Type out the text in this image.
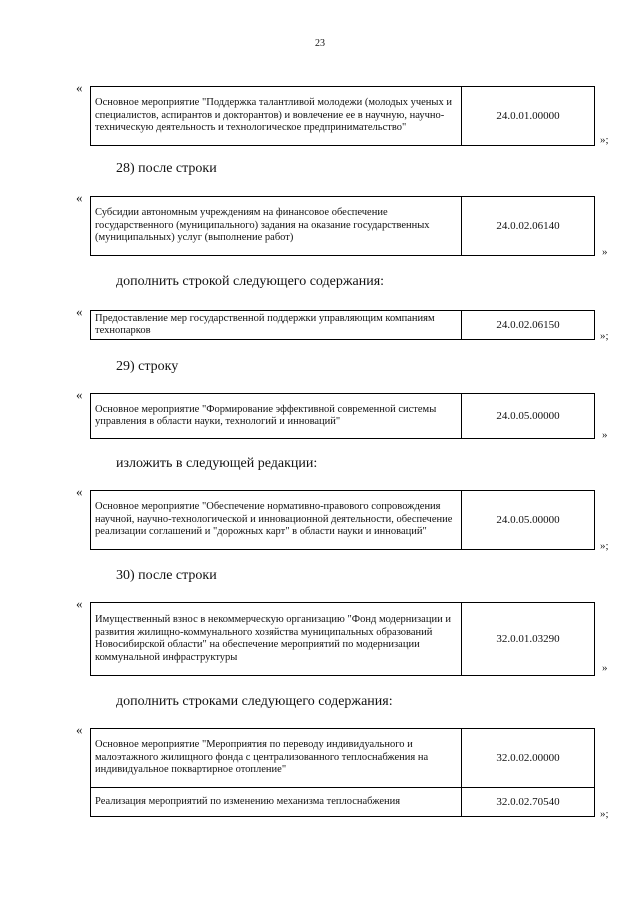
23
«
Основное мероприятие "Поддержка талантливой молодежи (молодых ученых и специалистов, аспирантов и докторантов) и вовлечение ее в научную, научно-техническую деятельность и технологическое предпринимательство"	24.0.01.00000
»;
28) после строки
«
Субсидии автономным учреждениям на финансовое обеспечение государственного (муниципального) задания на оказание государственных (муниципальных) услуг (выполнение работ)	24.0.02.06140
»
дополнить строкой следующего содержания:
« Предоставление мер государственной поддержки управляющим компаниям технопарков	24.0.02.06150
»;
29) строку
«
Основное мероприятие "Формирование эффективной современной системы управления в области науки, технологий и инноваций"	24.0.05.00000
»
изложить в следующей редакции:
«
Основное мероприятие "Обеспечение нормативно-правового сопровождения научной, научно-технологической и инновационной деятельности, обеспечение реализации соглашений и "дорожных карт" в области науки и инноваций"	24.0.05.00000
»;
30) после строки
«
Имущественный взнос в некоммерческую организацию "Фонд модернизации и развития жилищно-коммунального хозяйства муниципальных образований Новосибирской области" на обеспечение мероприятий по модернизации коммунальной инфраструктуры	32.0.01.03290
»
дополнить строками следующего содержания:
«
Основное мероприятие "Мероприятия по переводу индивидуального и малоэтажного жилищного фонда с централизованного теплоснабжения на индивидуальное поквартирное отопление"	32.0.02.00000
Реализация мероприятий по изменению механизма теплоснабжения	32.0.02.70540
»;
